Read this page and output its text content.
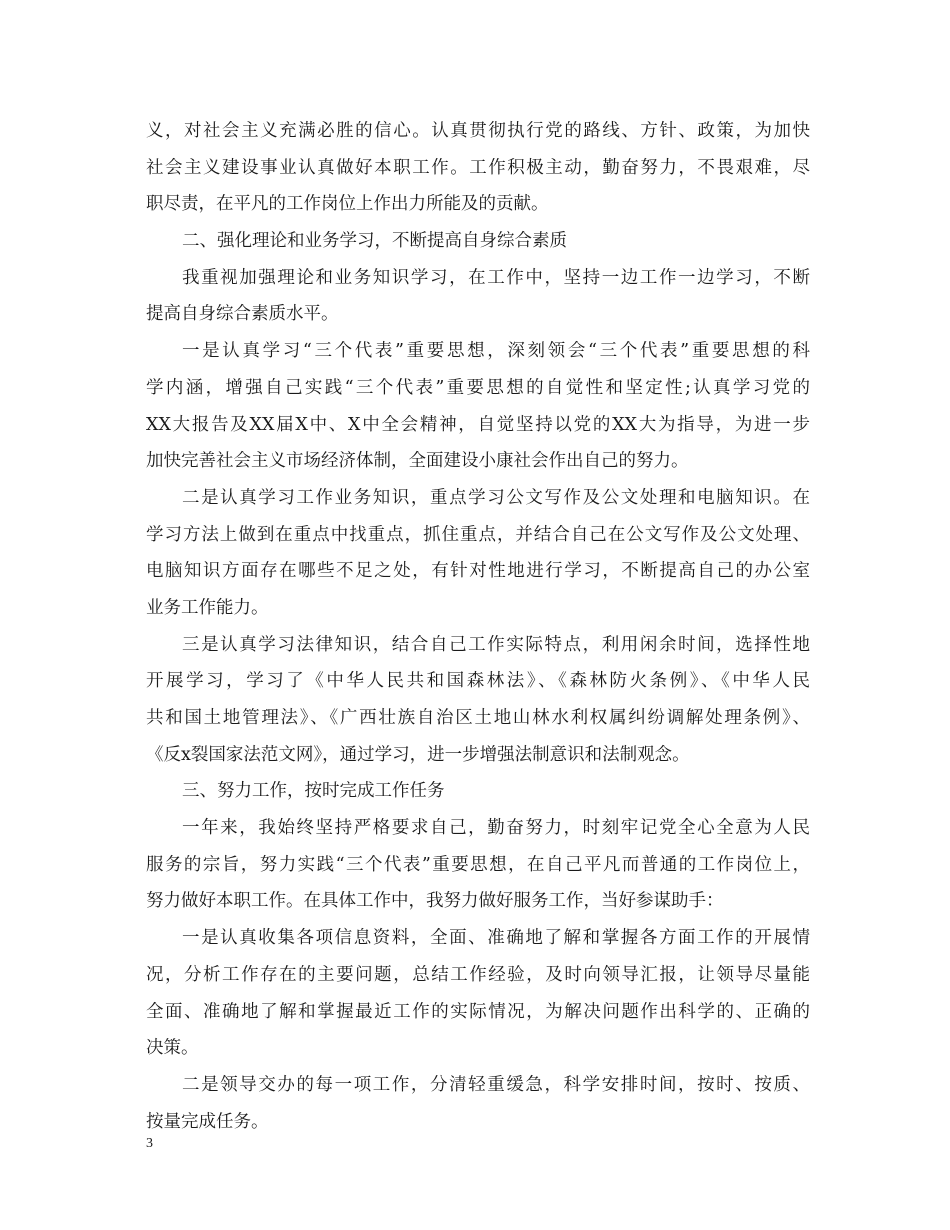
义，对社会主义充满必胜的信心。认真贯彻执行党的路线、方针、政策，为加快
社会主义建设事业认真做好本职工作。工作积极主动，勤奋努力，不畏艰难，尽
职尽责，在平凡的工作岗位上作出力所能及的贡献。
二、强化理论和业务学习，不断提高自身综合素质
我重视加强理论和业务知识学习，在工作中，坚持一边工作一边学习，不断
提高自身综合素质水平。
一是认真学习“三个代表”重要思想，深刻领会“三个代表”重要思想的科
学内涵，增强自己实践“三个代表”重要思想的自觉性和坚定性;认真学习党的
XX大报告及XX届X中、X中全会精神，自觉坚持以党的XX大为指导，为进一步
加快完善社会主义市场经济体制，全面建设小康社会作出自己的努力。
二是认真学习工作业务知识，重点学习公文写作及公文处理和电脑知识。在
学习方法上做到在重点中找重点，抓住重点，并结合自己在公文写作及公文处理、
电脑知识方面存在哪些不足之处，有针对性地进行学习，不断提高自己的办公室
业务工作能力。
三是认真学习法律知识，结合自己工作实际特点，利用闲余时间，选择性地
开展学习，学习了《中华人民共和国森林法》、《森林防火条例》、《中华人民
共和国土地管理法》、《广西壮族自治区土地山林水利权属纠纷调解处理条例》、
《反x裂国家法范文网》，通过学习，进一步增强法制意识和法制观念。
三、努力工作，按时完成工作任务
一年来，我始终坚持严格要求自己，勤奋努力，时刻牢记党全心全意为人民
服务的宗旨，努力实践“三个代表”重要思想，在自己平凡而普通的工作岗位上，
努力做好本职工作。在具体工作中，我努力做好服务工作，当好参谋助手：
一是认真收集各项信息资料，全面、准确地了解和掌握各方面工作的开展情
况，分析工作存在的主要问题，总结工作经验，及时向领导汇报，让领导尽量能
全面、准确地了解和掌握最近工作的实际情况，为解决问题作出科学的、正确的
决策。
二是领导交办的每一项工作，分清轻重缓急，科学安排时间，按时、按质、
按量完成任务。
3
